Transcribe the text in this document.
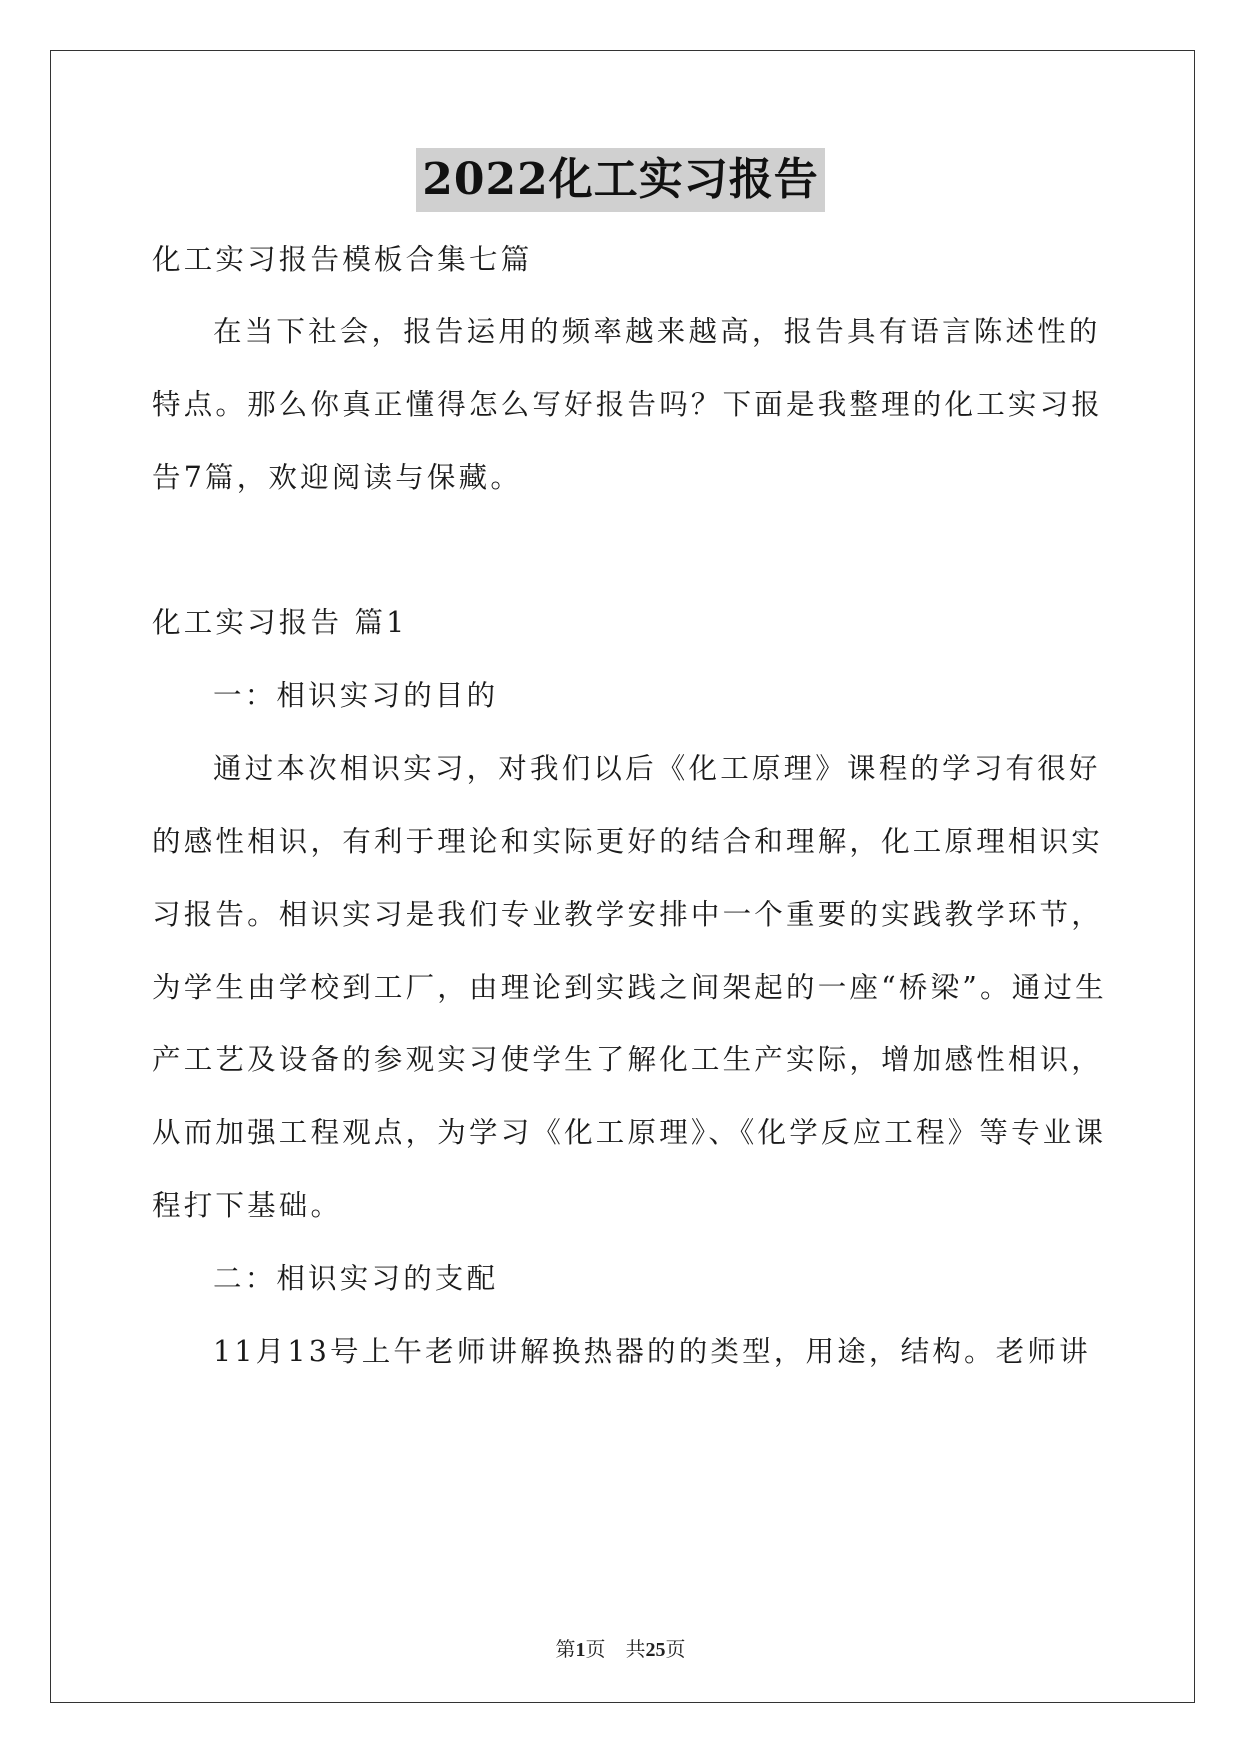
2022化工实习报告
化工实习报告模板合集七篇
在当下社会，报告运用的频率越来越高，报告具有语言陈述性的
特点。那么你真正懂得怎么写好报告吗？下面是我整理的化工实习报
告7篇，欢迎阅读与保藏。
化工实习报告 篇1
一：相识实习的目的
通过本次相识实习，对我们以后《化工原理》课程的学习有很好
的感性相识，有利于理论和实际更好的结合和理解，化工原理相识实
习报告。相识实习是我们专业教学安排中一个重要的实践教学环节，
为学生由学校到工厂，由理论到实践之间架起的一座“桥梁”。通过生
产工艺及设备的参观实习使学生了解化工生产实际，增加感性相识，
从而加强工程观点，为学习《化工原理》、《化学反应工程》等专业课
程打下基础。
二：相识实习的支配
11月13号上午老师讲解换热器的的类型，用途，结构。老师讲
第1页　共25页
